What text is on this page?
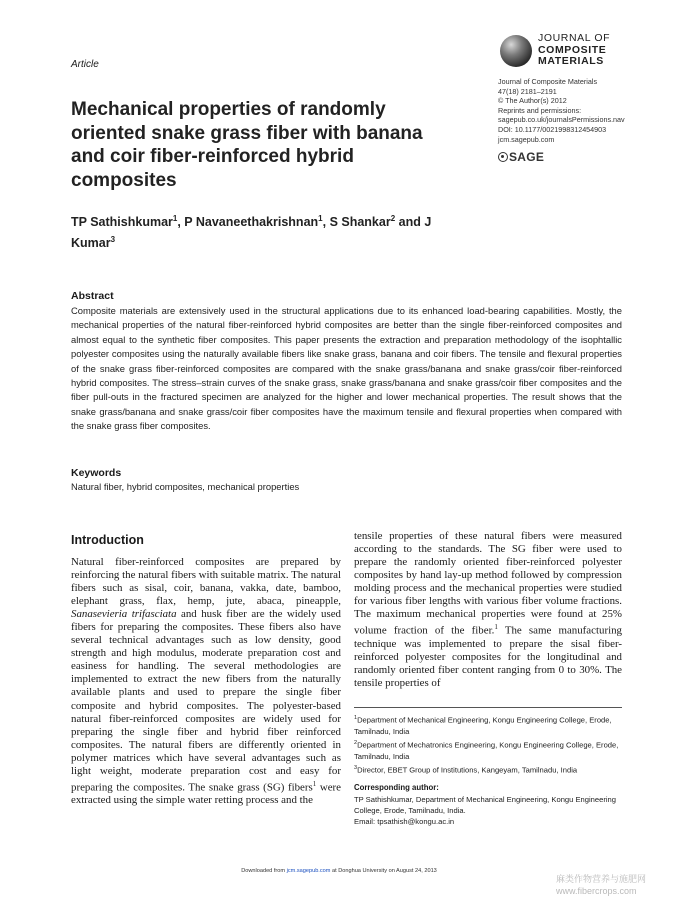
Article
JOURNAL OF
COMPOSITE
MATERIALS
Journal of Composite Materials
47(18) 2181–2191
© The Author(s) 2012
Reprints and permissions:
sagepub.co.uk/journalsPermissions.nav
DOI: 10.1177/0021998312454903
jcm.sagepub.com
SAGE
Mechanical properties of randomly oriented snake grass fiber with banana and coir fiber-reinforced hybrid composites
TP Sathishkumar$^1$, P Navaneethakrishnan$^1$, S Shankar$^2$ and J Kumar$^3$
Abstract

Composite materials are extensively used in the structural applications due to its enhanced load-bearing capabilities. Mostly, the mechanical properties of the natural fiber-reinforced hybrid composites are better than the single fiber-reinforced composites and almost equal to the synthetic fiber composites. This paper presents the extraction and preparation methodology of the isophtallic polyester composites using the naturally available fibers like snake grass, banana and coir fibers. The tensile and flexural properties of the snake grass fiber-reinforced composites are compared with the snake grass/banana and snake grass/coir fiber-reinforced hybrid composites. The stress–strain curves of the snake grass, snake grass/banana and snake grass/coir fiber composites and the fiber pull-outs in the fractured specimen are analyzed for the higher and lower mechanical properties. The result shows that the snake grass/banana and snake grass/coir fiber composites have the maximum tensile and flexural properties when compared with the snake grass fiber composites.

Keywords
Natural fiber, hybrid composites, mechanical properties
Introduction

Natural fiber-reinforced composites are prepared by reinforcing the natural fibers with suitable matrix. The natural fibers such as sisal, coir, banana, vakka, date, bamboo, elephant grass, flax, hemp, jute, abaca, pineapple, Sanasevieria trifasciata and husk fiber are the widely used fibers for preparing the composites. These fibers also have several technical advantages such as low density, good strength and high modulus, moderate preparation cost and easiness for handling. The several methodologies are implemented to extract the new fibers from the naturally available plants and used to prepare the single fiber composite and hybrid composites. The polyester-based natural fiber-reinforced composites are widely used for preparing the single fiber and hybrid fiber reinforced composites. The natural fibers are differently oriented in polymer matrices which have several advantages such as light weight, moderate preparation cost and easy for preparing the composites. The snake grass (SG) fibers$^1$ were extracted using the simple water retting process and the

tensile properties of these natural fibers were measured according to the standards. The SG fiber were used to prepare the randomly oriented fiber-reinforced polyester composites by hand lay-up method followed by compression molding process and the mechanical properties were studied for various fiber lengths with various fiber volume fractions. The maximum mechanical properties were found at 25% volume fraction of the fiber.$^1$ The same manufacturing technique was implemented to prepare the sisal fiber-reinforced polyester composites for the longitudinal and randomly oriented fiber content ranging from 0 to 30%. The tensile properties of

$^1$Department of Mechanical Engineering, Kongu Engineering College, Erode, Tamilnadu, India

$^2$Department of Mechatronics Engineering, Kongu Engineering College, Erode, Tamilnadu, India

$^3$Director, EBET Group of Institutions, Kangeyam, Tamilnadu, India

Corresponding author:
TP Sathishkumar, Department of Mechanical Engineering, Kongu Engineering College, Erode, Tamilnadu, India.
Email: tpsathish@kongu.ac.in
Downloaded from jcm.sagepub.com at Donghua University on August 24, 2013
麻类作物营养与施肥网
www.fibercrops.com
